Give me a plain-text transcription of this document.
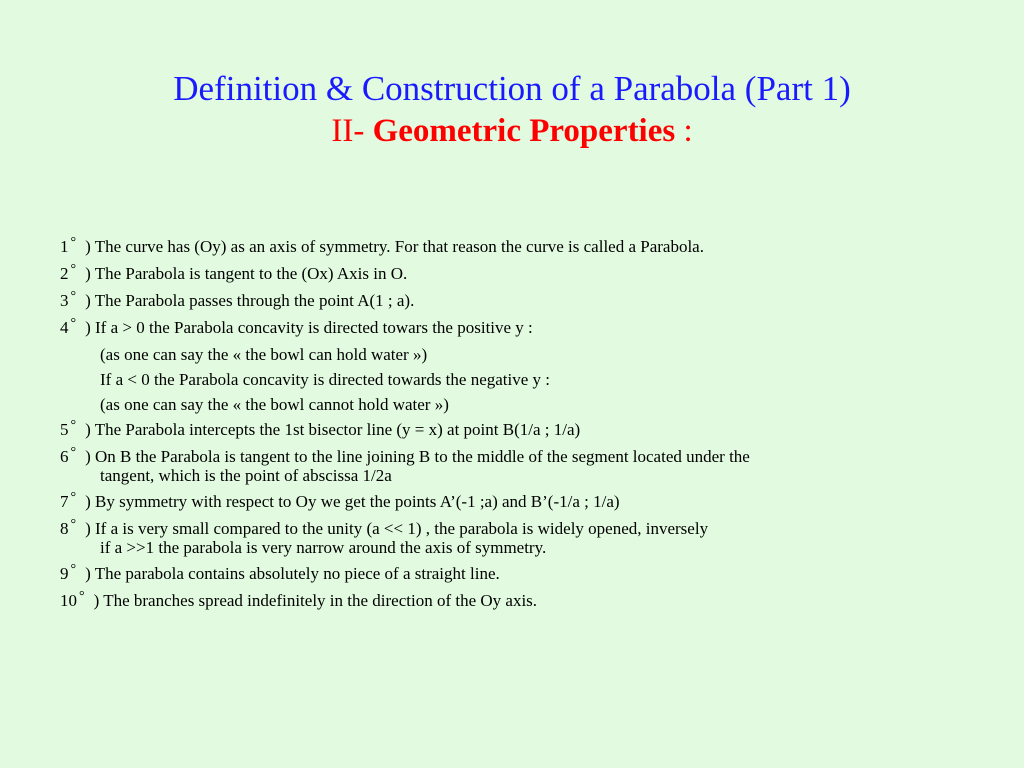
Definition & Construction of a Parabola (Part 1)
II- Geometric Properties :
1 ° ) The curve has (Oy) as an axis of symmetry. For that reason the curve is called a Parabola.
2 ° ) The Parabola is tangent to the (Ox) Axis in O.
3 ° ) The Parabola passes through the point A(1 ; a).
4 ° ) If a > 0 the Parabola concavity is directed towars the positive y :
(as one can say the « the bowl can hold water »)
If a < 0 the Parabola concavity is directed towards the negative y :
(as one can say the « the bowl cannot hold water »)
5 ° ) The Parabola intercepts the 1st bisector line (y = x) at point B(1/a ; 1/a)
6 ° ) On B the Parabola is tangent to the line joining B to the middle of the segment located under the
tangent, which is the point of abscissa 1/2a
7 ° ) By symmetry with respect to Oy we get the points A’(-1 ;a) and B’(-1/a ; 1/a)
8 ° ) If a is very small compared to the unity (a << 1) , the parabola is widely opened, inversely
if a >>1 the parabola is very narrow around the axis of symmetry.
9 ° ) The parabola contains absolutely no piece of a straight line.
10 ° ) The branches spread indefinitely in the direction of the Oy axis.
